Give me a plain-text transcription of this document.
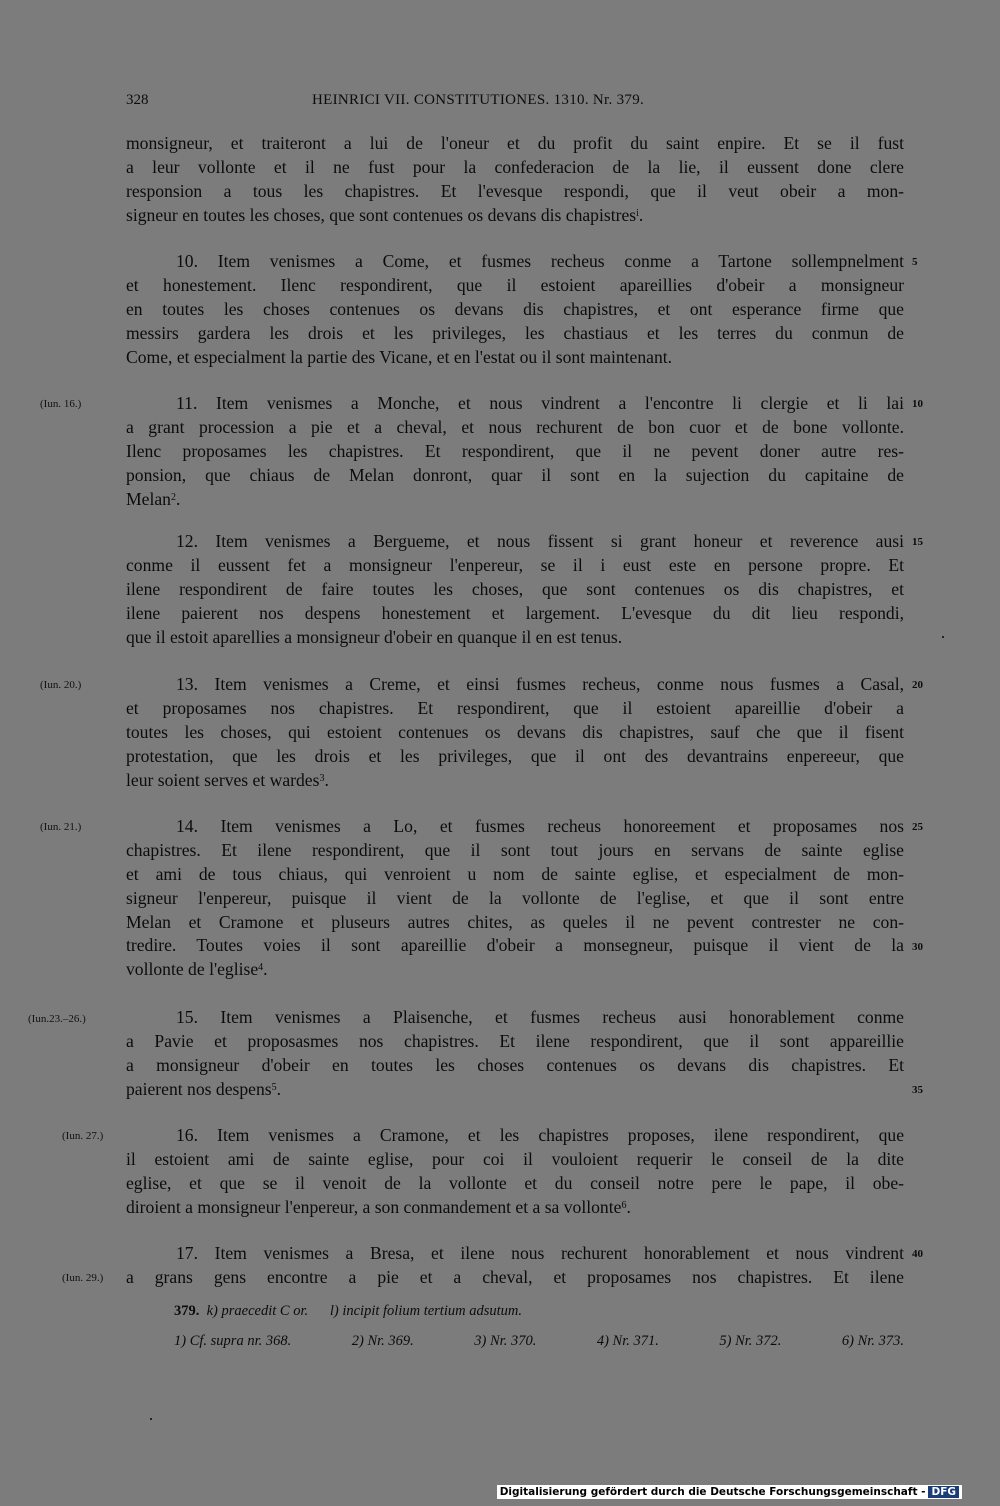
328	HEINRICI VII. CONSTITUTIONES. 1310. Nr. 379.
monsigneur, et traiteront a lui de l'oneur et du profit du saint enpire. Et se il fust
a leur vollonte et il ne fust pour la confederacion de la lie, il eussent done clere
responsion a tous les chapistres. Et l'evesque respondi, que il veut obeir a mon-
signeur en toutes les choses, que sont contenues os devans dis chapistres$^i$.
10. Item venismes a Come, et fusmes recheus conme a Tartone sollempnelment
et honestement. Ilenc respondirent, que il estoient apareillies d'obeir a monsigneur
en toutes les choses contenues os devans dis chapistres, et ont esperance firme que
messirs gardera les drois et les privileges, les chastiaus et les terres du conmun de
Come, et especialment la partie des Vicane, et en l'estat ou il sont maintenant.
5
(Iun. 16.)	11. Item venismes a Monche, et nous vindrent a l'encontre li clergie et li lai
a grant procession a pie et a cheval, et nous rechurent de bon cuor et de bone vollonte.
Ilenc proposames les chapistres. Et respondirent, que il ne pevent doner autre res-
ponsion, que chiaus de Melan donront, quar il sont en la sujection du capitaine de
Melan$^2$.
10
12. Item venismes a Bergueme, et nous fissent si grant honeur et reverence ausi
conme il eussent fet a monsigneur l'enpereur, se il i eust este en persone propre. Et
ilene respondirent de faire toutes les choses, que sont contenues os dis chapistres, et
ilene paierent nos despens honestement et largement. L'evesque du dit lieu respondi,
que il estoit aparellies a monsigneur d'obeir en quanque il en est tenus.
15
(Iun. 20.)	13. Item venismes a Creme, et einsi fusmes recheus, conme nous fusmes a Casal,
et proposames nos chapistres. Et respondirent, que il estoient apareillie d'obeir a
toutes les choses, qui estoient contenues os devans dis chapistres, sauf che que il fisent
protestation, que les drois et les privileges, que il ont des devantrains enpereeur, que
leur soient serves et wardes$^3$.
20
(Iun. 21.)	14. Item venismes a Lo, et fusmes recheus honoreement et proposames nos
chapistres. Et ilene respondirent, que il sont tout jours en servans de sainte eglise
et ami de tous chiaus, qui venroient u nom de sainte eglise, et especialment de mon-
signeur l'enpereur, puisque il vient de la vollonte de l'eglise, et que il sont entre
Melan et Cramone et pluseurs autres chites, as queles il ne pevent contrester ne con-
tredire. Toutes voies il sont apareillie d'obeir a monsegneur, puisque il vient de la
vollonte de l'eglise$^4$.
25
30
(Iun.23.–26.)	15. Item venismes a Plaisenche, et fusmes recheus ausi honorablement conme
a Pavie et proposasmes nos chapistres. Et ilene respondirent, que il sont appareillie
a monsigneur d'obeir en toutes les choses contenues os devans dis chapistres. Et
paierent nos despens$^5$.	35
(Iun. 27.)	16. Item venismes a Cramone, et les chapistres proposes, ilene respondirent, que
il estoient ami de sainte eglise, pour coi il vouloient requerir le conseil de la dite
eglise, et que se il venoit de la vollonte et du conseil notre pere le pape, il obe-
diroient a monsigneur l'enpereur, a son conmandement et a sa vollonte$^6$.
17. Item venismes a Bresa, et ilene nous rechurent honorablement et nous vindrent
a grans gens encontre a pie et a cheval, et proposames nos chapistres. Et ilene
(Iun. 29.)
40
379. k) praecedit C or. l) incipit folium tertium adsutum.
1) Cf. supra nr. 368.	2) Nr. 369.	3) Nr. 370.	4) Nr. 371.	5) Nr. 372.	6) Nr. 373.
Digitalisierung gefördert durch die Deutsche Forschungsgemeinschaft - DFG
